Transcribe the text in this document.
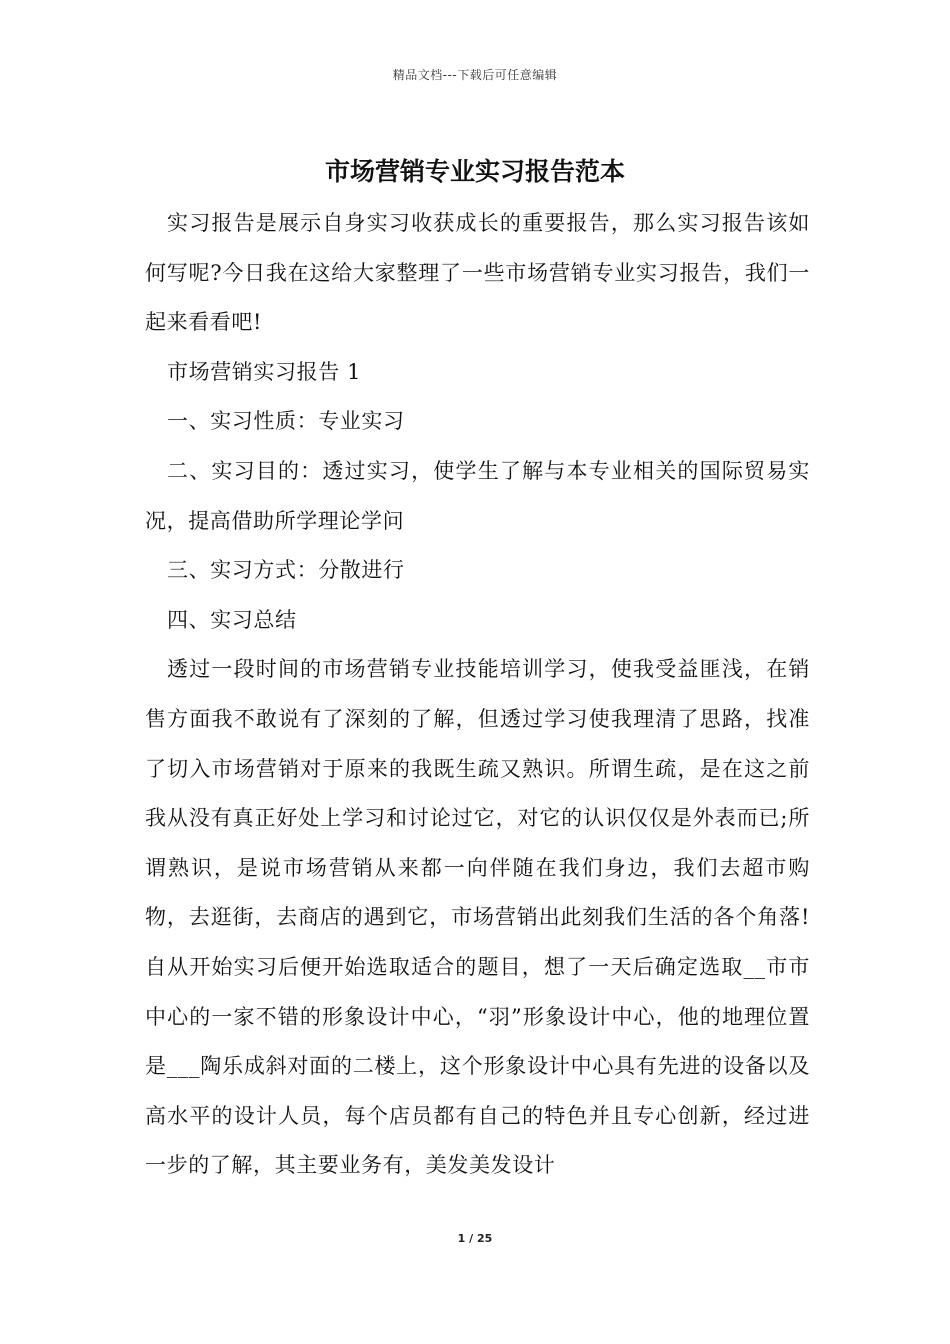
精品文档---下载后可任意编辑
市场营销专业实习报告范本

实习报告是展示自身实习收获成长的重要报告，那么实习报告该如何写呢?今日我在这给大家整理了一些市场营销专业实习报告，我们一起来看看吧!

市场营销实习报告 1

一、实习性质：专业实习

二、实习目的：透过实习，使学生了解与本专业相关的国际贸易实况，提高借助所学理论学问

三、实习方式：分散进行

四、实习总结

透过一段时间的市场营销专业技能培训学习，使我受益匪浅，在销售方面我不敢说有了深刻的了解，但透过学习使我理清了思路，找准了切入市场营销对于原来的我既生疏又熟识。所谓生疏，是在这之前我从没有真正好处上学习和讨论过它，对它的认识仅仅是外表而已;所谓熟识，是说市场营销从来都一向伴随在我们身边，我们去超市购物，去逛街，去商店的遇到它，市场营销出此刻我们生活的各个角落!自从开始实习后便开始选取适合的题目，想了一天后确定选取__市市中心的一家不错的形象设计中心，“羽”形象设计中心，他的地理位置是___陶乐成斜对面的二楼上，这个形象设计中心具有先进的设备以及高水平的设计人员，每个店员都有自己的特色并且专心创新，经过进一步的了解，其主要业务有，美发美发设计

1 / 25
